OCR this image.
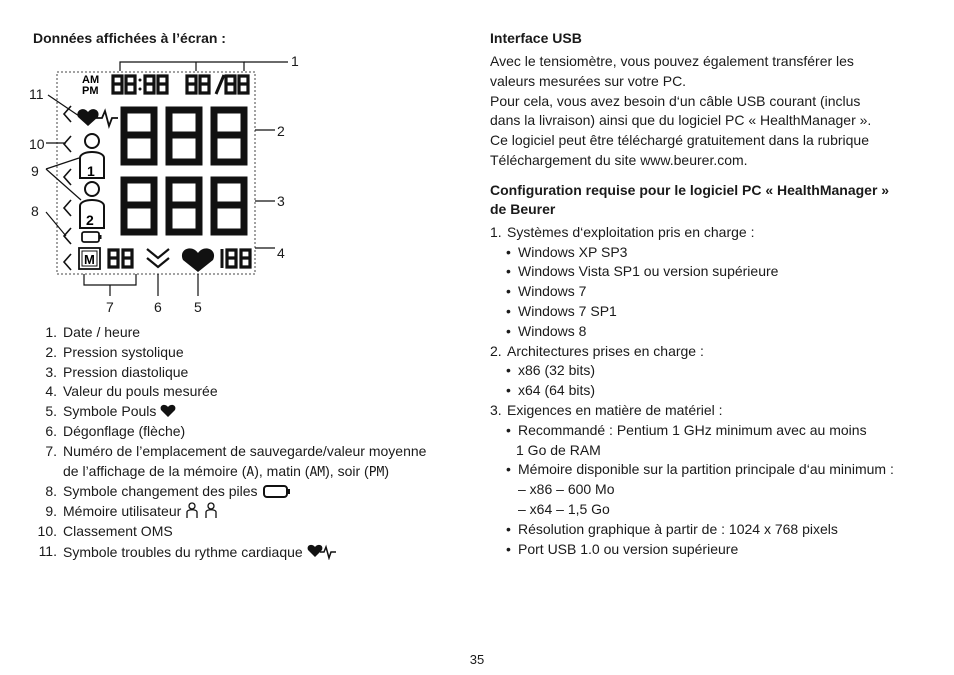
Données affichées à l’écran :
AM
PM
1
2
M
1
2
3
4
5
6
7
8
9
10
11
1. Date / heure
2. Pression systolique
3. Pression diastolique
4. Valeur du pouls mesurée
5. Symbole Pouls
6. Dégonflage (flèche)
7. Numéro de l’emplacement de sauvegarde/valeur moyenne
de l’affichage de la mémoire (A), matin (AM), soir (PM)
8. Symbole changement des piles
9. Mémoire utilisateur
10. Classement OMS
11. Symbole troubles du rythme cardiaque
Interface USB
Avec le tensiomètre, vous pouvez également transférer les
valeurs mesurées sur votre PC.
Pour cela, vous avez besoin d‘un câble USB courant (inclus
dans la livraison) ainsi que du logiciel PC « HealthManager ».
Ce logiciel peut être téléchargé gratuitement dans la rubrique
Téléchargement du site www.beurer.com.
Configuration requise pour le logiciel PC « HealthManager »
de Beurer
1. Systèmes d‘exploitation pris en charge :
• Windows XP SP3
• Windows Vista SP1 ou version supérieure
• Windows 7
• Windows 7 SP1
• Windows 8
2. Architectures prises en charge :
• x86 (32 bits)
• x64 (64 bits)
3. Exigences en matière de matériel :
• Recommandé : Pentium 1 GHz minimum avec au moins
1 Go de RAM
• Mémoire disponible sur la partition principale d‘au minimum :
– x86 – 600 Mo
– x64 – 1,5 Go
• Résolution graphique à partir de : 1024 x 768 pixels
• Port USB 1.0 ou version supérieure
35
